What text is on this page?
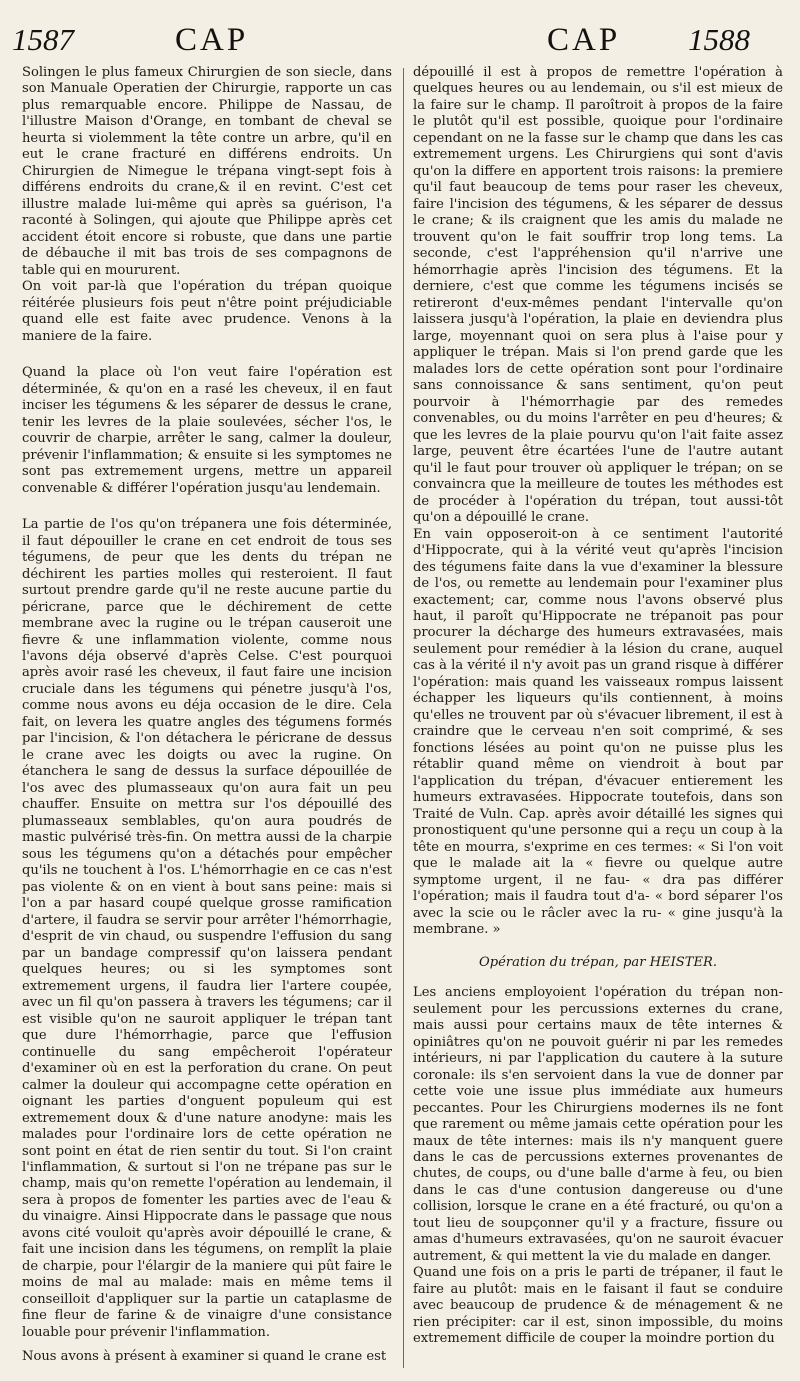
1587	CAP	CAP 1588

Solingen le plus fameux Chirurgien de son siecle, dans son Manuale Operatien der Chirurgie, rapporte un cas plus remarquable encore. Philippe de Nassau, de l'illustre Maison d'Orange, en tombant de cheval se heurta si violemment la tête contre un arbre, qu'il en eut le crane fracturé en différens endroits. Un Chirurgien de Nimegue le trépana vingt-sept fois à différens endroits du crane,& il en revint. C'est cet illustre malade lui-même qui après sa guérison, l'a raconté à Solingen, qui ajoute que Philippe après cet accident étoit encore si robuste, que dans une partie de débauche il mit bas trois de ses compagnons de table qui en moururent.

On voit par-là que l'opération du trépan quoique réitérée plusieurs fois peut n'être point préjudiciable quand elle est faite avec prudence. Venons à la maniere de la faire.

Quand la place où l'on veut faire l'opération est déterminée, & qu'on en a rasé les cheveux, il en faut inciser les tégumens & les séparer de dessus le crane, tenir les levres de la plaie soulevées, sécher l'os, le couvrir de charpie, arrêter le sang, calmer la douleur, prévenir l'inflammation; & ensuite si les symptomes ne sont pas extremement urgens, mettre un appareil convenable & différer l'opération jusqu'au lendemain.

La partie de l'os qu'on trépanera une fois déterminée, il faut dépouiller le crane en cet endroit de tous ses tégumens, de peur que les dents du trépan ne déchirent les parties molles qui resteroient. Il faut surtout prendre garde qu'il ne reste aucune partie du péricrane, parce que le déchirement de cette membrane avec la rugine ou le trépan causeroit une fievre & une inflammation violente, comme nous l'avons déja observé d'après Celse. C'est pourquoi après avoir rasé les cheveux, il faut faire une incision cruciale dans les tégumens qui pénetre jusqu'à l'os, comme nous avons eu déja occasion de le dire. Cela fait, on levera les quatre angles des tégumens formés par l'incision, & l'on détachera le péricrane de dessus le crane avec les doigts ou avec la rugine. On étanchera le sang de dessus la surface dépouillée de l'os avec des plumasseaux qu'on aura fait un peu chauffer. Ensuite on mettra sur l'os dépouillé des plumasseaux semblables, qu'on aura poudrés de mastic pulvérisé très-fin. On mettra aussi de la charpie sous les tégumens qu'on a détachés pour empêcher qu'ils ne touchent à l'os. L'hémorrhagie en ce cas n'est pas violente & on en vient à bout sans peine: mais si l'on a par hasard coupé quelque grosse ramification d'artere, il faudra se servir pour arrêter l'hémorrhagie, d'esprit de vin chaud, ou suspendre l'effusion du sang par un bandage compressif qu'on laissera pendant quelques heures; ou si les symptomes sont extremement urgens, il faudra lier l'artere coupée, avec un fil qu'on passera à travers les tégumens; car il est visible qu'on ne sauroit appliquer le trépan tant que dure l'hémorrhagie, parce que l'effusion continuelle du sang empêcheroit l'opérateur d'examiner où en est la perforation du crane. On peut calmer la douleur qui accompagne cette opération en oignant les parties d'onguent populeum qui est extremement doux & d'une nature anodyne: mais les malades pour l'ordinaire lors de cette opération ne sont point en état de rien sentir du tout. Si l'on craint l'inflammation, & surtout si l'on ne trépane pas sur le champ, mais qu'on remette l'opération au lendemain, il sera à propos de fomenter les parties avec de l'eau & du vinaigre. Ainsi Hippocrate dans le passage que nous avons cité vouloit qu'après avoir dépouillé le crane, & fait une incision dans les tégumens, on remplît la plaie de charpie, pour l'élargir de la maniere qui pût faire le moins de mal au malade: mais en même tems il conseilloit d'appliquer sur la partie un cataplasme de fine fleur de farine & de vinaigre d'une consistance louable pour prévenir l'inflammation.

Nous avons à présent à examiner si quand le crane est

dépouillé il est à propos de remettre l'opération à quelques heures ou au lendemain, ou s'il est mieux de la faire sur le champ. Il paroîtroit à propos de la faire le plutôt qu'il est possible, quoique pour l'ordinaire cependant on ne la fasse sur le champ que dans les cas extremement urgens. Les Chirurgiens qui sont d'avis qu'on la differe en apportent trois raisons: la premiere qu'il faut beaucoup de tems pour raser les cheveux, faire l'incision des tégumens, & les séparer de dessus le crane; & ils craignent que les amis du malade ne trouvent qu'on le fait souffrir trop long tems. La seconde, c'est l'appréhension qu'il n'arrive une hémorrhagie après l'incision des tégumens. Et la derniere, c'est que comme les tégumens incisés se retireront d'eux-mêmes pendant l'intervalle qu'on laissera jusqu'à l'opération, la plaie en deviendra plus large, moyennant quoi on sera plus à l'aise pour y appliquer le trépan. Mais si l'on prend garde que les malades lors de cette opération sont pour l'ordinaire sans connoissance & sans sentiment, qu'on peut pourvoir à l'hémorrhagie par des remedes convenables, ou du moins l'arrêter en peu d'heures; & que les levres de la plaie pourvu qu'on l'ait faite assez large, peuvent être écartées l'une de l'autre autant qu'il le faut pour trouver où appliquer le trépan; on se convaincra que la meilleure de toutes les méthodes est de procéder à l'opération du trépan, tout aussi-tôt qu'on a dépouillé le crane.

En vain opposeroit-on à ce sentiment l'autorité d'Hippocrate, qui à la vérité veut qu'après l'incision des tégumens faite dans la vue d'examiner la blessure de l'os, ou remette au lendemain pour l'examiner plus exactement; car, comme nous l'avons observé plus haut, il paroît qu'Hippocrate ne trépanoit pas pour procurer la décharge des humeurs extravasées, mais seulement pour remédier à la lésion du crane, auquel cas à la vérité il n'y avoit pas un grand risque à différer l'opération: mais quand les vaisseaux rompus laissent échapper les liqueurs qu'ils contiennent, à moins qu'elles ne trouvent par où s'évacuer librement, il est à craindre que le cerveau n'en soit comprimé, & ses fonctions lésées au point qu'on ne puisse plus les rétablir quand même on viendroit à bout par l'application du trépan, d'évacuer entierement les humeurs extravasées. Hippocrate toutefois, dans son Traité de Vuln. Cap. après avoir détaillé les signes qui pronostiquent qu'une personne qui a reçu un coup à la tête en mourra, s'exprime en ces termes: « Si l'on voit que le malade ait la « fievre ou quelque autre symptome urgent, il ne fau- « dra pas différer l'opération; mais il faudra tout d'a- « bord séparer l'os avec la scie ou le râcler avec la ru- « gine jusqu'à la membrane. »

Opération du trépan, par HEISTER.

Les anciens employoient l'opération du trépan non-seulement pour les percussions externes du crane, mais aussi pour certains maux de tête internes & opiniâtres qu'on ne pouvoit guérir ni par les remedes intérieurs, ni par l'application du cautere à la suture coronale: ils s'en servoient dans la vue de donner par cette voie une issue plus immédiate aux humeurs peccantes. Pour les Chirurgiens modernes ils ne font que rarement ou même jamais cette opération pour les maux de tête internes: mais ils n'y manquent guere dans le cas de percussions externes provenantes de chutes, de coups, ou d'une balle d'arme à feu, ou bien dans le cas d'une contusion dangereuse ou d'une collision, lorsque le crane en a été fracturé, ou qu'on a tout lieu de soupçonner qu'il y a fracture, fissure ou amas d'humeurs extravasées, qu'on ne sauroit évacuer autrement, & qui mettent la vie du malade en danger.

Quand une fois on a pris le parti de trépaner, il faut le faire au plutôt: mais en le faisant il faut se conduire avec beaucoup de prudence & de ménagement & ne rien précipiter: car il est, sinon impossible, du moins extremement difficile de couper la moindre portion du
